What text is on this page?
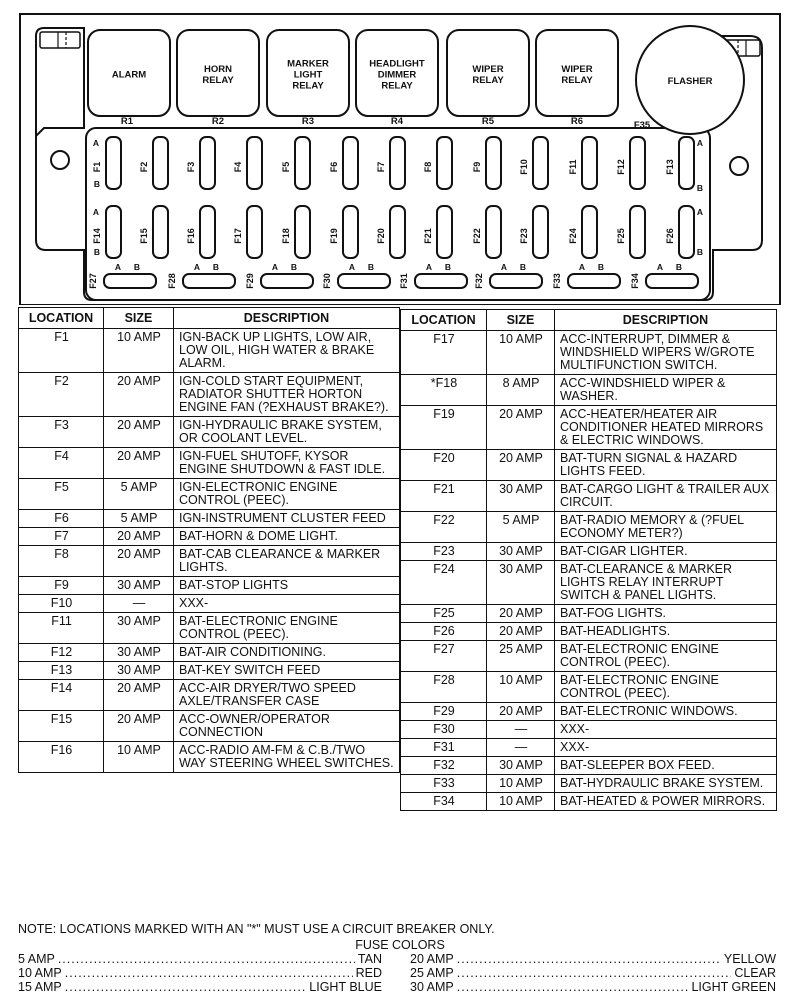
ALARM
R1
HORN RELAY
R2
MARKER LIGHT RELAY
R3
HEADLIGHT DIMMER RELAY
R4
WIPER RELAY
R5
WIPER RELAY
R6
FLASHER
F35
F1	F2	F3	F4	F5	F6	F7	F8	F9	F10	F11	F12	F13
F14	F15	F16	F17	F18	F19	F20	F21	F22	F23	F24	F25	F26
A
B
A
B
A
B
A
B
A B
F27
A B
F28
A B
F29
A B
F30
A B
F31
A B
F32
A B
F33
A B
F34
LOCATION	SIZE	DESCRIPTION
F1	10 AMP	IGN-BACK UP LIGHTS, LOW AIR, LOW OIL, HIGH WATER & BRAKE ALARM.
F2	20 AMP	IGN-COLD START EQUIPMENT, RADIATOR SHUTTER HORTON ENGINE FAN (?EXHAUST BRAKE?).
F3	20 AMP	IGN-HYDRAULIC BRAKE SYSTEM, OR COOLANT LEVEL.
F4	20 AMP	IGN-FUEL SHUTOFF, KYSOR ENGINE SHUTDOWN & FAST IDLE.
F5	5 AMP	IGN-ELECTRONIC ENGINE CONTROL (PEEC).
F6	5 AMP	IGN-INSTRUMENT CLUSTER FEED
F7	20 AMP	BAT-HORN & DOME LIGHT.
F8	20 AMP	BAT-CAB CLEARANCE & MARKER LIGHTS.
F9	30 AMP	BAT-STOP LIGHTS
F10	—	XXX-
F11	30 AMP	BAT-ELECTRONIC ENGINE CONTROL (PEEC).
F12	30 AMP	BAT-AIR CONDITIONING.
F13	30 AMP	BAT-KEY SWITCH FEED
F14	20 AMP	ACC-AIR DRYER/TWO SPEED AXLE/TRANSFER CASE
F15	20 AMP	ACC-OWNER/OPERATOR CONNECTION
F16	10 AMP	ACC-RADIO AM-FM & C.B./TWO WAY STEERING WHEEL SWITCHES.
LOCATION	SIZE	DESCRIPTION
F17	10 AMP	ACC-INTERRUPT, DIMMER & WINDSHIELD WIPERS W/GROTE MULTIFUNCTION SWITCH.
*F18	8 AMP	ACC-WINDSHIELD WIPER & WASHER.
F19	20 AMP	ACC-HEATER/HEATER AIR CONDITIONER HEATED MIRRORS & ELECTRIC WINDOWS.
F20	20 AMP	BAT-TURN SIGNAL & HAZARD LIGHTS FEED.
F21	30 AMP	BAT-CARGO LIGHT & TRAILER AUX CIRCUIT.
F22	5 AMP	BAT-RADIO MEMORY & (?FUEL ECONOMY METER?)
F23	30 AMP	BAT-CIGAR LIGHTER.
F24	30 AMP	BAT-CLEARANCE & MARKER LIGHTS RELAY INTERRUPT SWITCH & PANEL LIGHTS.
F25	20 AMP	BAT-FOG LIGHTS.
F26	20 AMP	BAT-HEADLIGHTS.
F27	25 AMP	BAT-ELECTRONIC ENGINE CONTROL (PEEC).
F28	10 AMP	BAT-ELECTRONIC ENGINE CONTROL (PEEC).
F29	20 AMP	BAT-ELECTRONIC WINDOWS.
F30	—	XXX-
F31	—	XXX-
F32	30 AMP	BAT-SLEEPER BOX FEED.
F33	10 AMP	BAT-HYDRAULIC BRAKE SYSTEM.
F34	10 AMP	BAT-HEATED & POWER MIRRORS.
NOTE: LOCATIONS MARKED WITH AN "*" MUST USE A CIRCUIT BREAKER ONLY.
FUSE COLORS
5 AMP .....	TAN
10 AMP .....	RED
15 AMP .....	LIGHT BLUE
20 AMP .....	YELLOW
25 AMP .....	CLEAR
30 AMP .....	LIGHT GREEN
